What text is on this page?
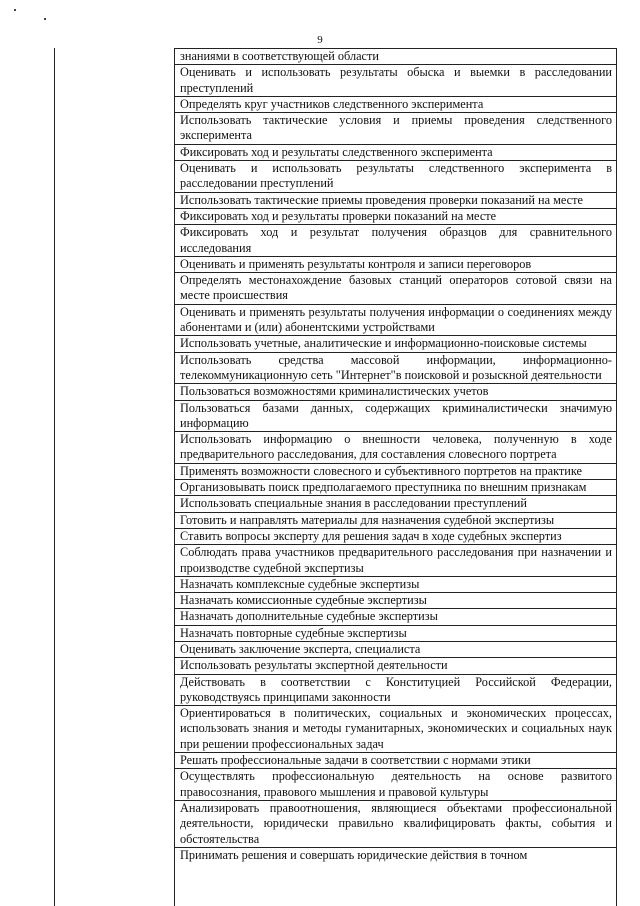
9
знаниями в соответствующей области
Оценивать и использовать результаты обыска и выемки в расследовании преступлений
Определять круг участников следственного эксперимента
Использовать тактические условия и приемы проведения следственного эксперимента
Фиксировать ход и результаты следственного эксперимента
Оценивать и использовать результаты следственного эксперимента в расследовании преступлений
Использовать тактические приемы проведения проверки показаний на месте
Фиксировать ход и результаты проверки показаний на месте
Фиксировать ход и результат получения образцов для сравнительного исследования
Оценивать и применять результаты контроля и записи переговоров
Определять местонахождение базовых станций операторов сотовой связи на месте происшествия
Оценивать и применять результаты получения информации о соединениях между абонентами и (или) абонентскими устройствами
Использовать учетные, аналитические и информационно-поисковые системы
Использовать средства массовой информации, информационно-телекоммуникационную сеть "Интернет"в поисковой и розыскной деятельности
Пользоваться возможностями криминалистических учетов
Пользоваться базами данных, содержащих криминалистически значимую информацию
Использовать информацию о внешности человека, полученную в ходе предварительного расследования, для составления словесного портрета
Применять возможности словесного и субъективного портретов на практике
Организовывать поиск предполагаемого преступника по внешним признакам
Использовать специальные знания в расследовании преступлений
Готовить и направлять материалы для назначения судебной экспертизы
Ставить вопросы эксперту для решения задач в ходе судебных экспертиз
Соблюдать права участников предварительного расследования при назначении и производстве судебной экспертизы
Назначать комплексные судебные экспертизы
Назначать комиссионные судебные экспертизы
Назначать дополнительные судебные экспертизы
Назначать повторные судебные экспертизы
Оценивать заключение эксперта, специалиста
Использовать результаты экспертной деятельности
Действовать в соответствии с Конституцией Российской Федерации, руководствуясь принципами законности
Ориентироваться в политических, социальных и экономических процессах, использовать знания и методы гуманитарных, экономических и социальных наук при решении профессиональных задач
Решать профессиональные задачи в соответствии с нормами этики
Осуществлять профессиональную деятельность на основе развитого правосознания, правового мышления и правовой культуры
Анализировать правоотношения, являющиеся объектами профессиональной деятельности, юридически правильно квалифицировать факты, события и обстоятельства
Принимать решения и совершать юридические действия в точном
